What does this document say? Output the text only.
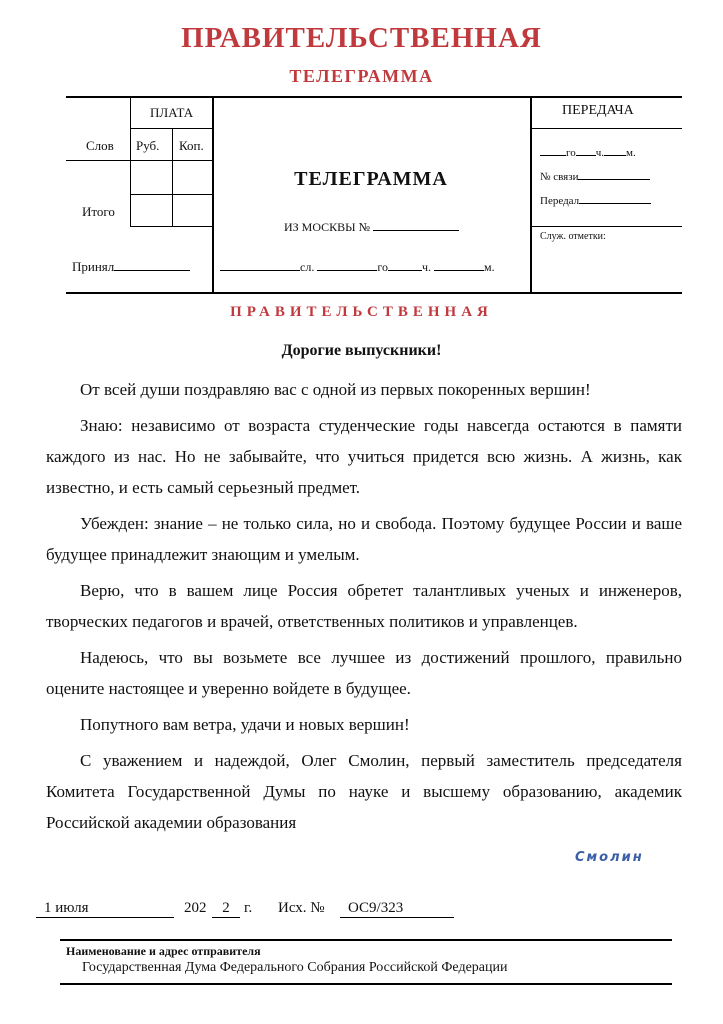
ПРАВИТЕЛЬСТВЕННАЯ
ТЕЛЕГРАММА
ПЛАТА
Слов Руб. Коп.
Итого
Принял
ТЕЛЕГРАММА
ИЗ МОСКВЫ №
сл.	го	ч.	м.
ПЕРЕДАЧА
го ч. м.
№ связи
Передал
Служ. отметки:
ПРАВИТЕЛЬСТВЕННАЯ
Дорогие выпускники!

От всей души поздравляю вас с одной из первых покоренных вершин!

Знаю: независимо от возраста студенческие годы навсегда остаются в памяти каждого из нас. Но не забывайте, что учиться придется всю жизнь. А жизнь, как известно, и есть самый серьезный предмет.

Убежден: знание – не только сила, но и свобода. Поэтому будущее России и ваше будущее принадлежит знающим и умелым.

Верю, что в вашем лице Россия обретет талантливых ученых и инженеров, творческих педагогов и врачей, ответственных политиков и управленцев.

Надеюсь, что вы возьмете все лучшее из достижений прошлого, правильно оцените настоящее и уверенно войдете в будущее.

Попутного вам ветра, удачи и новых вершин!

С уважением и надеждой, Олег Смолин, первый заместитель председателя Комитета Государственной Думы по науке и высшему образованию, академик Российской академии образования

Смолин
1 июля	202	2 г. Исх. №	ОС9/323
Наименование и адрес отправителя
Государственная Дума Федерального Собрания Российской Федерации
